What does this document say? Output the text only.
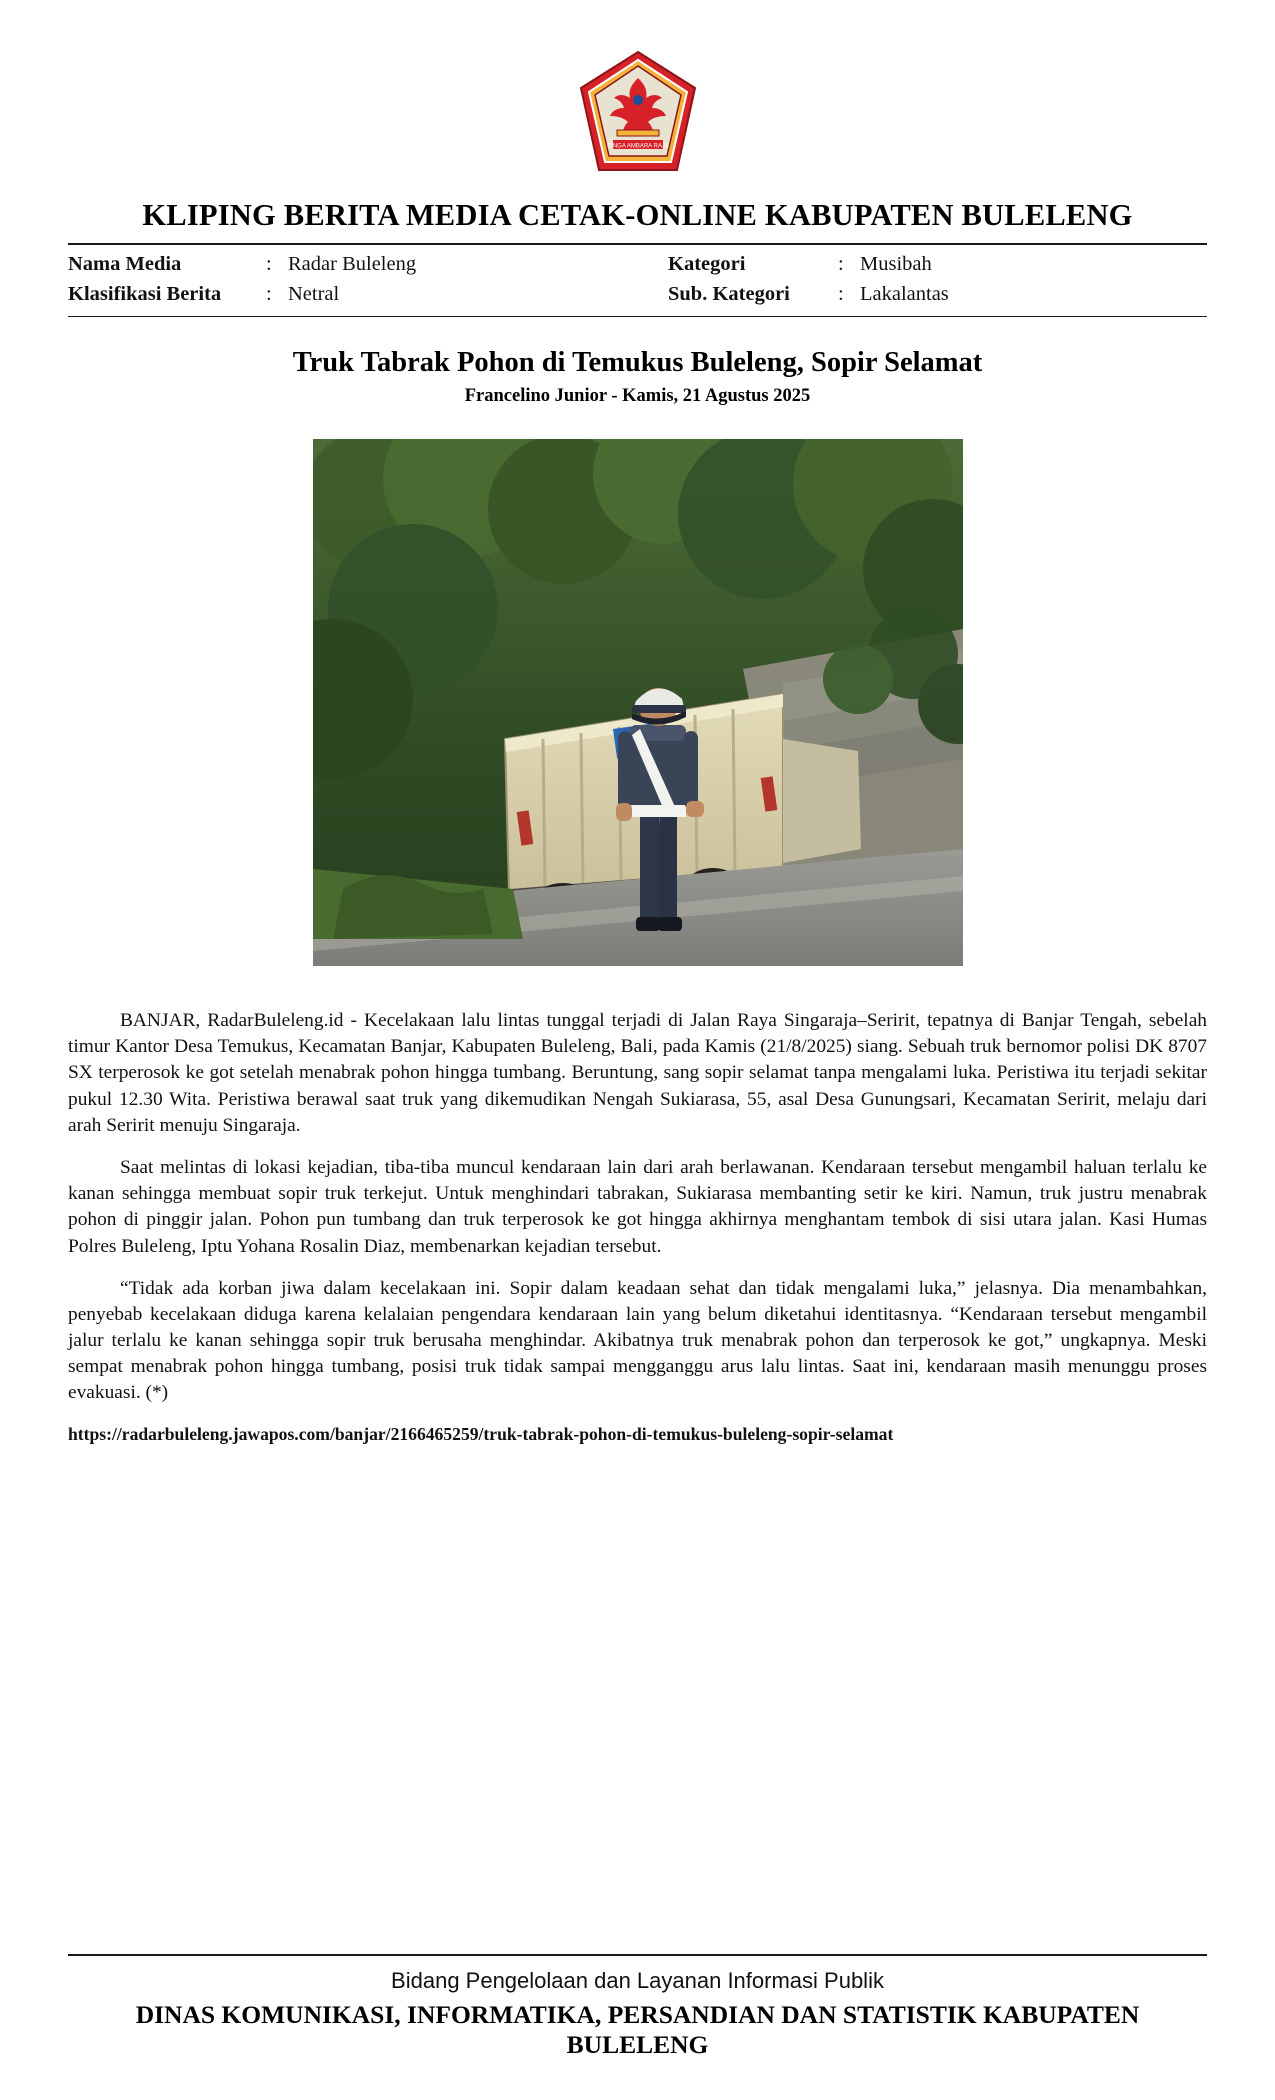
SINGA AMBARA RAJA
KLIPING BERITA MEDIA CETAK-ONLINE KABUPATEN BULELENG
Nama Media	: Radar Buleleng
Klasifikasi Berita	: Netral
Kategori	: Musibah
Sub. Kategori	: Lakalantas
Truk Tabrak Pohon di Temukus Buleleng, Sopir Selamat
Francelino Junior - Kamis, 21 Agustus 2025

BANJAR, RadarBuleleng.id - Kecelakaan lalu lintas tunggal terjadi di Jalan Raya Singaraja–Seririt, tepatnya di Banjar Tengah, sebelah timur Kantor Desa Temukus, Kecamatan Banjar, Kabupaten Buleleng, Bali, pada Kamis (21/8/2025) siang. Sebuah truk bernomor polisi DK 8707 SX terperosok ke got setelah menabrak pohon hingga tumbang. Beruntung, sang sopir selamat tanpa mengalami luka. Peristiwa itu terjadi sekitar pukul 12.30 Wita. Peristiwa berawal saat truk yang dikemudikan Nengah Sukiarasa, 55, asal Desa Gunungsari, Kecamatan Seririt, melaju dari arah Seririt menuju Singaraja.

Saat melintas di lokasi kejadian, tiba-tiba muncul kendaraan lain dari arah berlawanan. Kendaraan tersebut mengambil haluan terlalu ke kanan sehingga membuat sopir truk terkejut. Untuk menghindari tabrakan, Sukiarasa membanting setir ke kiri. Namun, truk justru menabrak pohon di pinggir jalan. Pohon pun tumbang dan truk terperosok ke got hingga akhirnya menghantam tembok di sisi utara jalan. Kasi Humas Polres Buleleng, Iptu Yohana Rosalin Diaz, membenarkan kejadian tersebut.

“Tidak ada korban jiwa dalam kecelakaan ini. Sopir dalam keadaan sehat dan tidak mengalami luka,” jelasnya. Dia menambahkan, penyebab kecelakaan diduga karena kelalaian pengendara kendaraan lain yang belum diketahui identitasnya. “Kendaraan tersebut mengambil jalur terlalu ke kanan sehingga sopir truk berusaha menghindar. Akibatnya truk menabrak pohon dan terperosok ke got,” ungkapnya. Meski sempat menabrak pohon hingga tumbang, posisi truk tidak sampai mengganggu arus lalu lintas. Saat ini, kendaraan masih menunggu proses evakuasi. (*)

https://radarbuleleng.jawapos.com/banjar/2166465259/truk-tabrak-pohon-di-temukus-buleleng-sopir-selamat
Bidang Pengelolaan dan Layanan Informasi Publik
DINAS KOMUNIKASI, INFORMATIKA, PERSANDIAN DAN STATISTIK KABUPATEN BULELENG
